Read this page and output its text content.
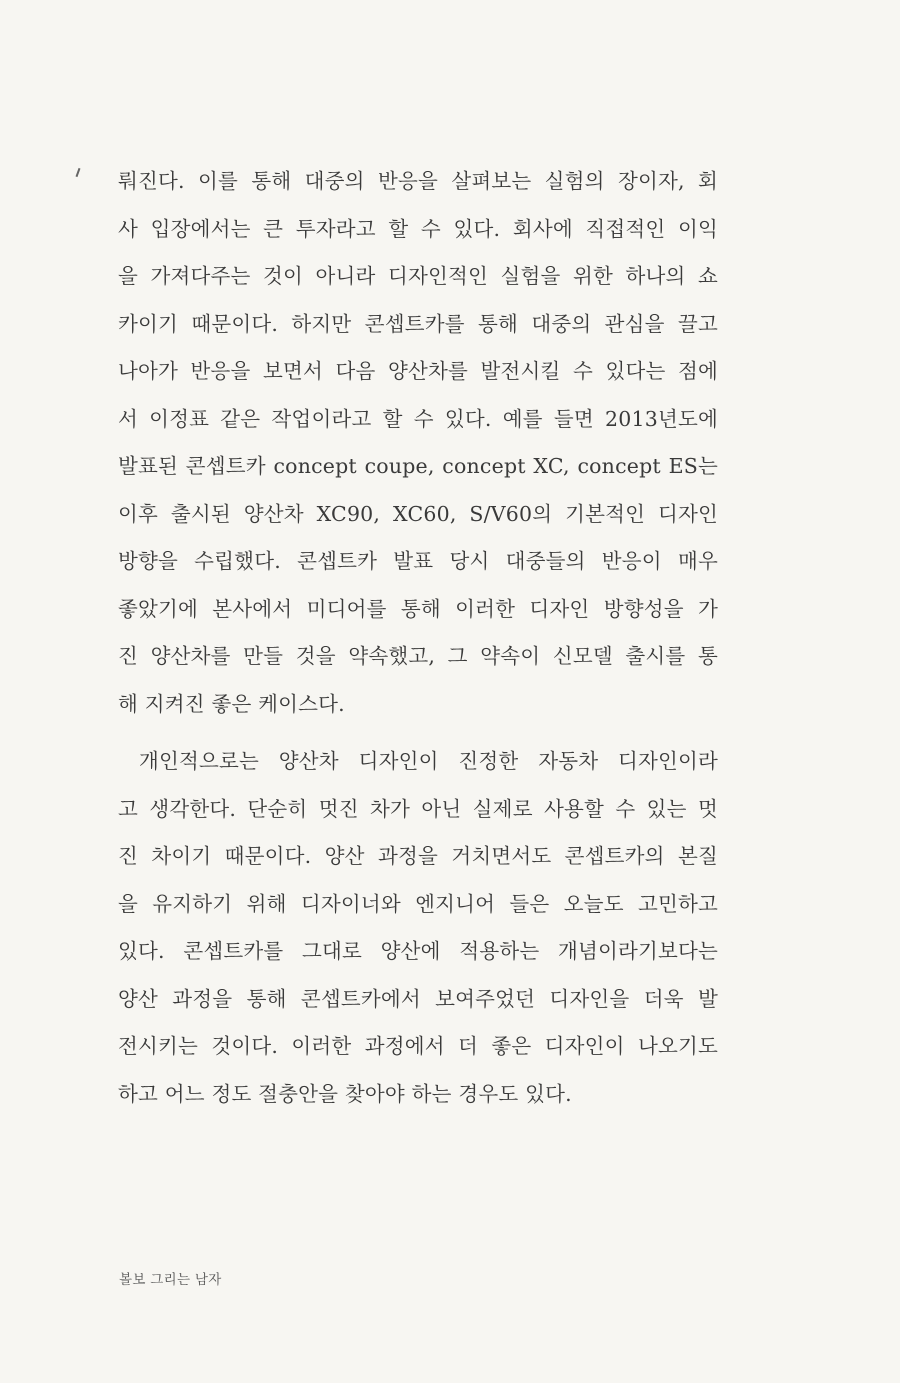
뤄진다. 이를 통해 대중의 반응을 살펴보는 실험의 장이자, 회
사 입장에서는 큰 투자라고 할 수 있다. 회사에 직접적인 이익
을 가져다주는 것이 아니라 디자인적인 실험을 위한 하나의 쇼
카이기 때문이다. 하지만 콘셉트카를 통해 대중의 관심을 끌고
나아가 반응을 보면서 다음 양산차를 발전시킬 수 있다는 점에
서 이정표 같은 작업이라고 할 수 있다. 예를 들면 2013년도에
발표된 콘셉트카 concept coupe, concept XC, concept ES는
이후 출시된 양산차 XC90, XC60, S/V60의 기본적인 디자인
방향을 수립했다. 콘셉트카 발표 당시 대중들의 반응이 매우
좋았기에 본사에서 미디어를 통해 이러한 디자인 방향성을 가
진 양산차를 만들 것을 약속했고, 그 약속이 신모델 출시를 통
해 지켜진 좋은 케이스다.
개인적으로는 양산차 디자인이 진정한 자동차 디자인이라
고 생각한다. 단순히 멋진 차가 아닌 실제로 사용할 수 있는 멋
진 차이기 때문이다. 양산 과정을 거치면서도 콘셉트카의 본질
을 유지하기 위해 디자이너와 엔지니어 들은 오늘도 고민하고
있다. 콘셉트카를 그대로 양산에 적용하는 개념이라기보다는
양산 과정을 통해 콘셉트카에서 보여주었던 디자인을 더욱 발
전시키는 것이다. 이러한 과정에서 더 좋은 디자인이 나오기도
하고 어느 정도 절충안을 찾아야 하는 경우도 있다.
볼보 그리는 남자
